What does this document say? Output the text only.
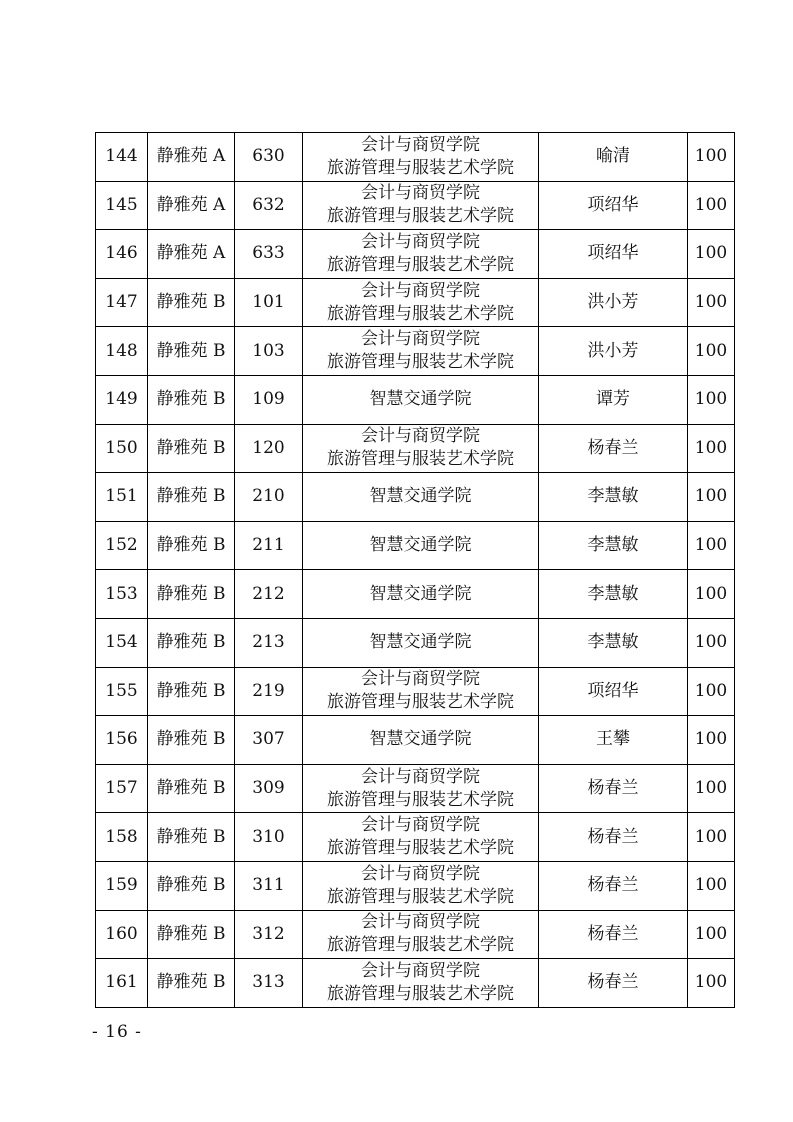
144	静雅苑 A	630	会计与商贸学院
旅游管理与服装艺术学院	喻清	100
145	静雅苑 A	632	会计与商贸学院
旅游管理与服装艺术学院	项绍华	100
146	静雅苑 A	633	会计与商贸学院
旅游管理与服装艺术学院	项绍华	100
147	静雅苑 B	101	会计与商贸学院
旅游管理与服装艺术学院	洪小芳	100
148	静雅苑 B	103	会计与商贸学院
旅游管理与服装艺术学院	洪小芳	100
149	静雅苑 B	109	智慧交通学院	谭芳	100
150	静雅苑 B	120	会计与商贸学院
旅游管理与服装艺术学院	杨春兰	100
151	静雅苑 B	210	智慧交通学院	李慧敏	100
152	静雅苑 B	211	智慧交通学院	李慧敏	100
153	静雅苑 B	212	智慧交通学院	李慧敏	100
154	静雅苑 B	213	智慧交通学院	李慧敏	100
155	静雅苑 B	219	会计与商贸学院
旅游管理与服装艺术学院	项绍华	100
156	静雅苑 B	307	智慧交通学院	王攀	100
157	静雅苑 B	309	会计与商贸学院
旅游管理与服装艺术学院	杨春兰	100
158	静雅苑 B	310	会计与商贸学院
旅游管理与服装艺术学院	杨春兰	100
159	静雅苑 B	311	会计与商贸学院
旅游管理与服装艺术学院	杨春兰	100
160	静雅苑 B	312	会计与商贸学院
旅游管理与服装艺术学院	杨春兰	100
161	静雅苑 B	313	会计与商贸学院
旅游管理与服装艺术学院	杨春兰	100
- 16 -
